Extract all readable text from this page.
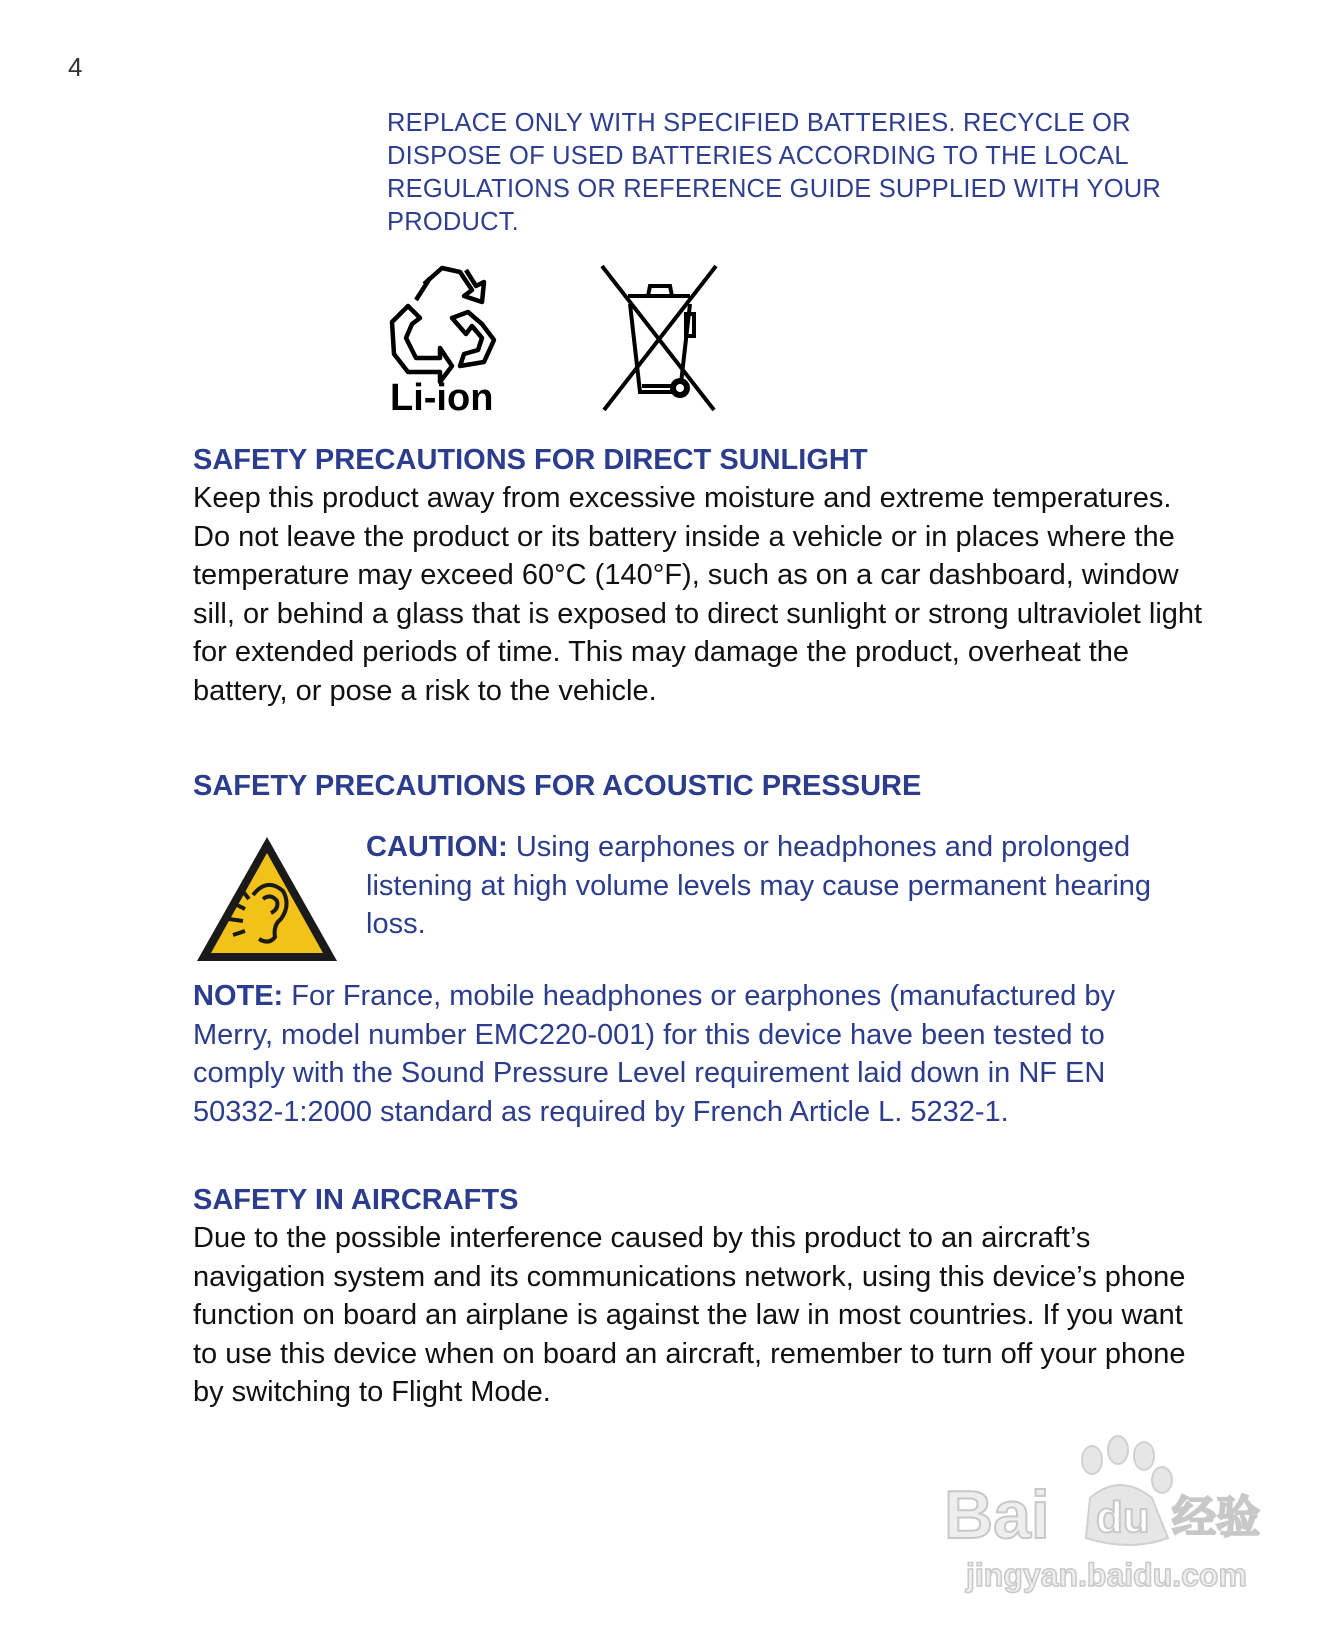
4
REPLACE ONLY WITH SPECIFIED BATTERIES. RECYCLE OR DISPOSE OF USED BATTERIES ACCORDING TO THE LOCAL REGULATIONS OR REFERENCE GUIDE SUPPLIED WITH YOUR PRODUCT.
Li-ion

SAFETY PRECAUTIONS FOR DIRECT SUNLIGHT

Keep this product away from excessive moisture and extreme temperatures. Do not leave the product or its battery inside a vehicle or in places where the temperature may exceed 60°C (140°F), such as on a car dashboard, window sill, or behind a glass that is exposed to direct sunlight or strong ultraviolet light for extended periods of time. This may damage the product, overheat the battery, or pose a risk to the vehicle.

SAFETY PRECAUTIONS FOR ACOUSTIC PRESSURE

CAUTION: Using earphones or headphones and prolonged listening at high volume levels may cause permanent hearing loss.

NOTE: For France, mobile headphones or earphones (manufactured by Merry, model number EMC220-001) for this device have been tested to comply with the Sound Pressure Level requirement laid down in NF EN 50332-1:2000 standard as required by French Article L. 5232-1.

SAFETY IN AIRCRAFTS

Due to the possible interference caused by this product to an aircraft’s navigation system and its communications network, using this device’s phone function on board an airplane is against the law in most countries. If you want to use this device when on board an aircraft, remember to turn off your phone by switching to Flight Mode.

Bai du 经验
jingyan.baidu.com
